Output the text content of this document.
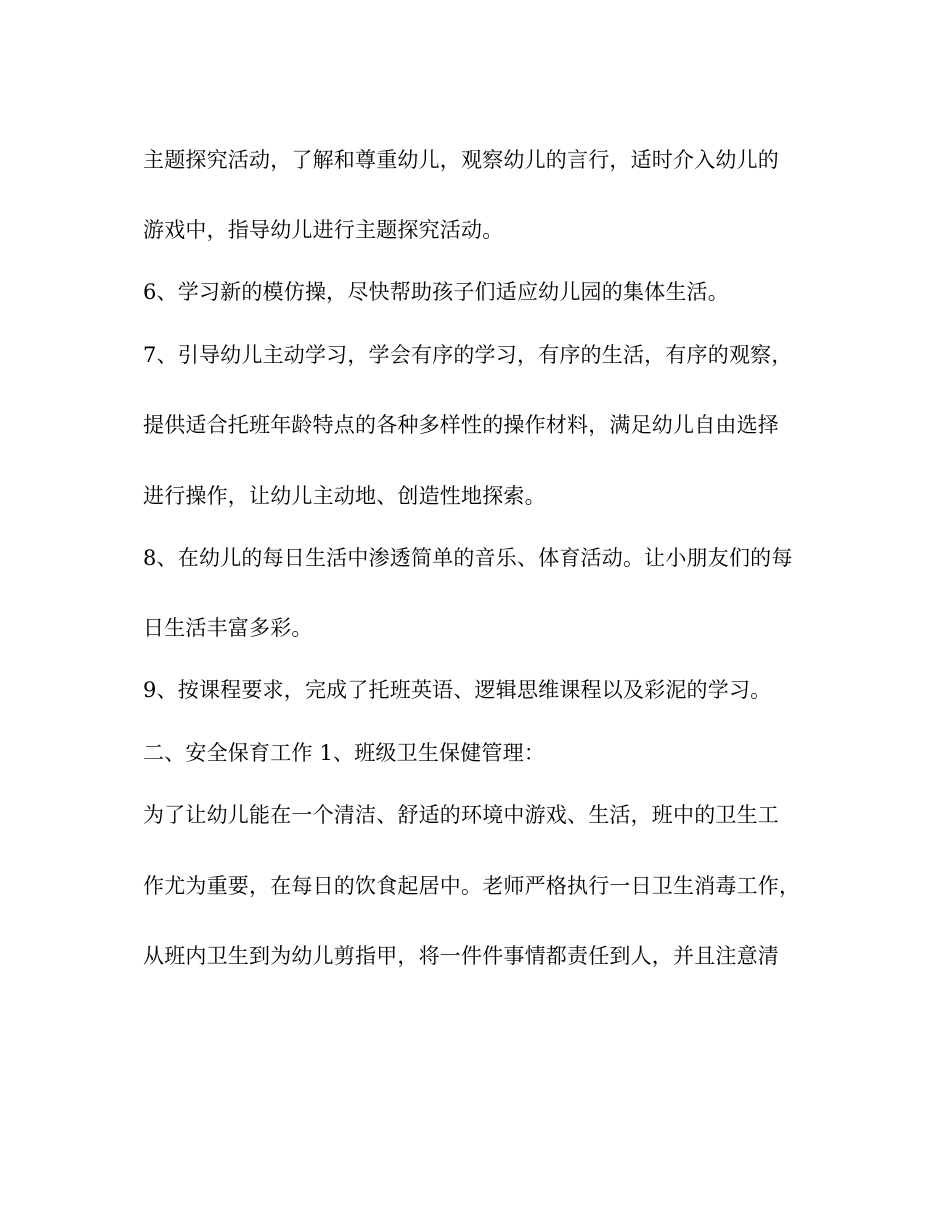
主题探究活动，了解和尊重幼儿，观察幼儿的言行，适时介入幼儿的
游戏中，指导幼儿进行主题探究活动。
6、学习新的模仿操，尽快帮助孩子们适应幼儿园的集体生活。
7、引导幼儿主动学习，学会有序的学习，有序的生活，有序的观察，
提供适合托班年龄特点的各种多样性的操作材料，满足幼儿自由选择
进行操作，让幼儿主动地、创造性地探索。
8、在幼儿的每日生活中渗透简单的音乐、体育活动。让小朋友们的每
日生活丰富多彩。
9、按课程要求，完成了托班英语、逻辑思维课程以及彩泥的学习。
二、安全保育工作 1、班级卫生保健管理：
为了让幼儿能在一个清洁、舒适的环境中游戏、生活，班中的卫生工
作尤为重要，在每日的饮食起居中。老师严格执行一日卫生消毒工作，
从班内卫生到为幼儿剪指甲，将一件件事情都责任到人，并且注意清
